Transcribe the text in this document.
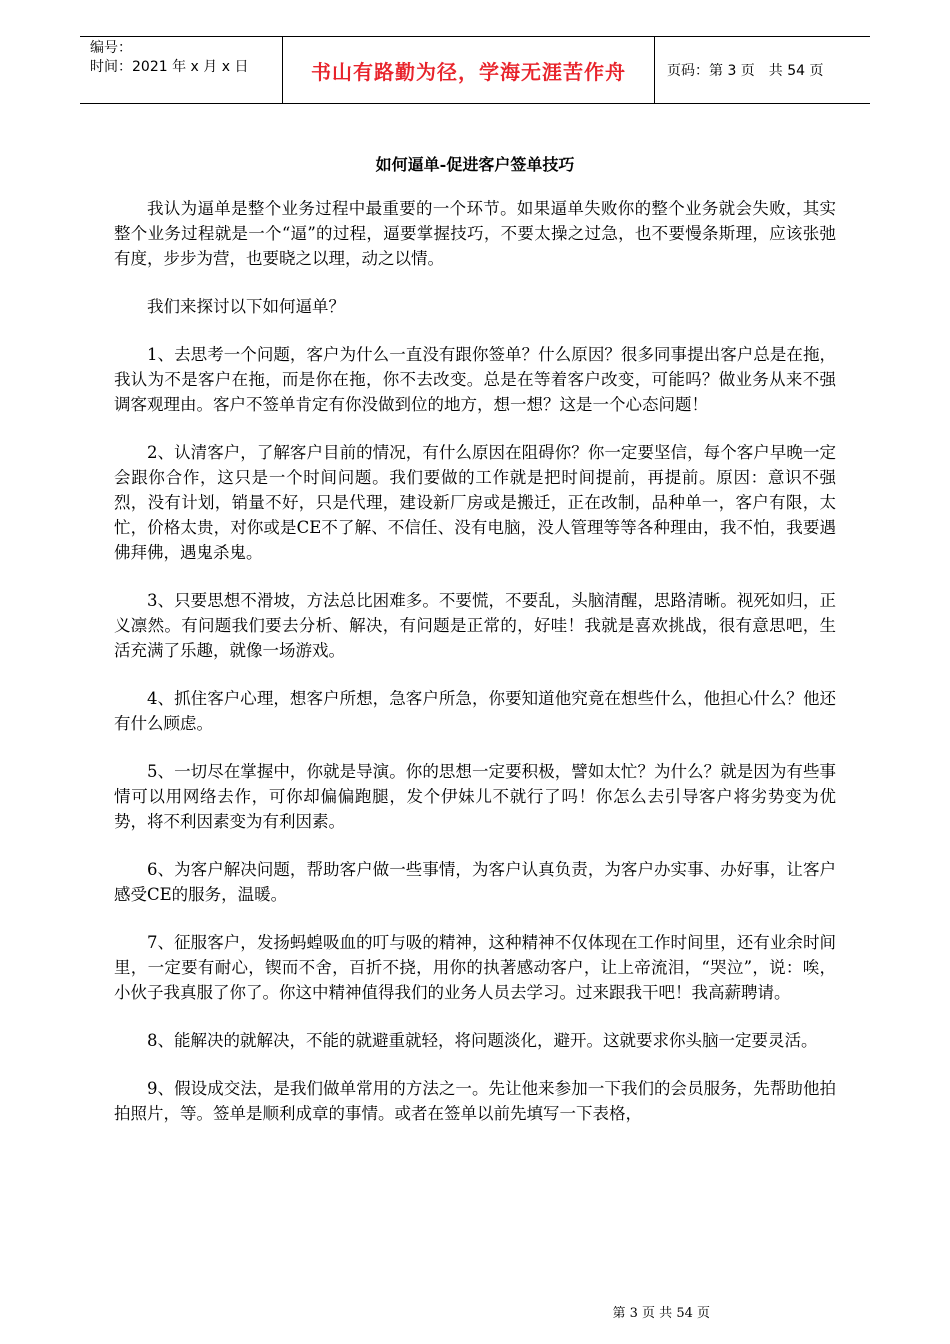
编号：
时间：2021 年 x 月 x 日	书山有路勤为径，学海无涯苦作舟	页码：第 3 页　共 54 页
如何逼单-促进客户签单技巧

我认为逼单是整个业务过程中最重要的一个环节。如果逼单失败你的整个业务就会失败，其实整个业务过程就是一个“逼”的过程，逼要掌握技巧，不要太操之过急，也不要慢条斯理，应该张弛有度，步步为营，也要晓之以理，动之以情。

我们来探讨以下如何逼单？

1、去思考一个问题，客户为什么一直没有跟你签单？什么原因？很多同事提出客户总是在拖，我认为不是客户在拖，而是你在拖，你不去改变。总是在等着客户改变，可能吗？做业务从来不强调客观理由。客户不签单肯定有你没做到位的地方，想一想？这是一个心态问题！

2、认清客户，了解客户目前的情况，有什么原因在阻碍你？你一定要坚信，每个客户早晚一定会跟你合作，这只是一个时间问题。我们要做的工作就是把时间提前，再提前。原因：意识不强烈，没有计划，销量不好，只是代理，建设新厂房或是搬迁，正在改制，品种单一，客户有限，太忙，价格太贵，对你或是CE不了解、不信任、没有电脑，没人管理等等各种理由，我不怕，我要遇佛拜佛，遇鬼杀鬼。

3、只要思想不滑坡，方法总比困难多。不要慌，不要乱，头脑清醒，思路清晰。视死如归，正义凛然。有问题我们要去分析、解决，有问题是正常的，好哇！我就是喜欢挑战，很有意思吧，生活充满了乐趣，就像一场游戏。

4、抓住客户心理，想客户所想，急客户所急，你要知道他究竟在想些什么，他担心什么？他还有什么顾虑。

5、一切尽在掌握中，你就是导演。你的思想一定要积极，譬如太忙？为什么？就是因为有些事情可以用网络去作，可你却偏偏跑腿，发个伊妹儿不就行了吗！你怎么去引导客户将劣势变为优势，将不利因素变为有利因素。

6、为客户解决问题，帮助客户做一些事情，为客户认真负责，为客户办实事、办好事，让客户感受CE的服务，温暖。

7、征服客户，发扬蚂蝗吸血的叮与吸的精神，这种精神不仅体现在工作时间里，还有业余时间里，一定要有耐心，锲而不舍，百折不挠，用你的执著感动客户，让上帝流泪，“哭泣”，说：唉，小伙子我真服了你了。你这中精神值得我们的业务人员去学习。过来跟我干吧！我高薪聘请。

8、能解决的就解决，不能的就避重就轻，将问题淡化，避开。这就要求你头脑一定要灵活。

9、假设成交法，是我们做单常用的方法之一。先让他来参加一下我们的会员服务，先帮助他拍拍照片，等。签单是顺利成章的事情。或者在签单以前先填写一下表格，

第 3 页 共 54 页
